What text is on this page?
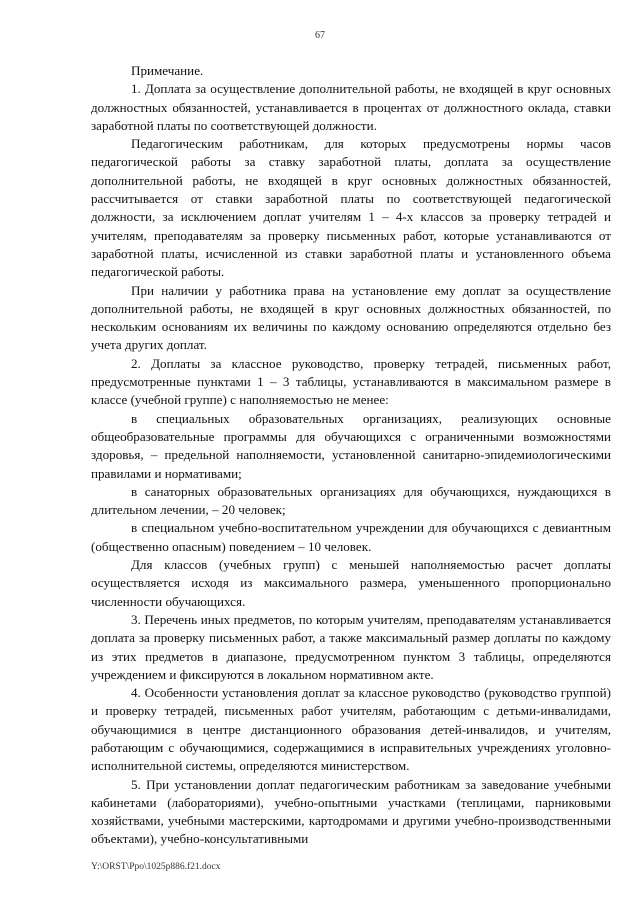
67

Примечание.

1. Доплата за осуществление дополнительной работы, не входящей в круг основных должностных обязанностей, устанавливается в процентах от должностного оклада, ставки заработной платы по соответствующей должности.

Педагогическим работникам, для которых предусмотрены нормы часов педагогической работы за ставку заработной платы, доплата за осуществление дополнительной работы, не входящей в круг основных должностных обязанностей, рассчитывается от ставки заработной платы по соответствующей педагогической должности, за исключением доплат учителям 1 – 4-х классов за проверку тетрадей и учителям, преподавателям за проверку письменных работ, которые устанавливаются от заработной платы, исчисленной из ставки заработной платы и установленного объема педагогической работы.

При наличии у работника права на установление ему доплат за осуществление дополнительной работы, не входящей в круг основных должностных обязанностей, по нескольким основаниям их величины по каждому основанию определяются отдельно без учета других доплат.

2. Доплаты за классное руководство, проверку тетрадей, письменных работ, предусмотренные пунктами 1 – 3 таблицы, устанавливаются в максимальном размере в классе (учебной группе) с наполняемостью не менее:

в специальных образовательных организациях, реализующих основные общеобразовательные программы для обучающихся с ограниченными возможностями здоровья, – предельной наполняемости, установленной санитарно-эпидемиологическими правилами и нормативами;

в санаторных образовательных организациях для обучающихся, нуждающихся в длительном лечении, – 20 человек;

в специальном учебно-воспитательном учреждении для обучающихся с девиантным (общественно опасным) поведением – 10 человек.

Для классов (учебных групп) с меньшей наполняемостью расчет доплаты осуществляется исходя из максимального размера, уменьшенного пропорционально численности обучающихся.

3. Перечень иных предметов, по которым учителям, преподавателям устанавливается доплата за проверку письменных работ, а также максимальный размер доплаты по каждому из этих предметов в диапазоне, предусмотренном пунктом 3 таблицы, определяются учреждением и фиксируются в локальном нормативном акте.

4. Особенности установления доплат за классное руководство (руководство группой) и проверку тетрадей, письменных работ учителям, работающим с детьми-инвалидами, обучающимися в центре дистанционного образования детей-инвалидов, и учителям, работающим с обучающимися, содержащимися в исправительных учреждениях уголовно-исполнительной системы, определяются министерством.

5. При установлении доплат педагогическим работникам за заведование учебными кабинетами (лабораториями), учебно-опытными участками (теплицами, парниковыми хозяйствами, учебными мастерскими, картодромами и другими учебно-производственными объектами), учебно-консультативными

Y:\ORST\Ppo\1025p886.f21.docx
